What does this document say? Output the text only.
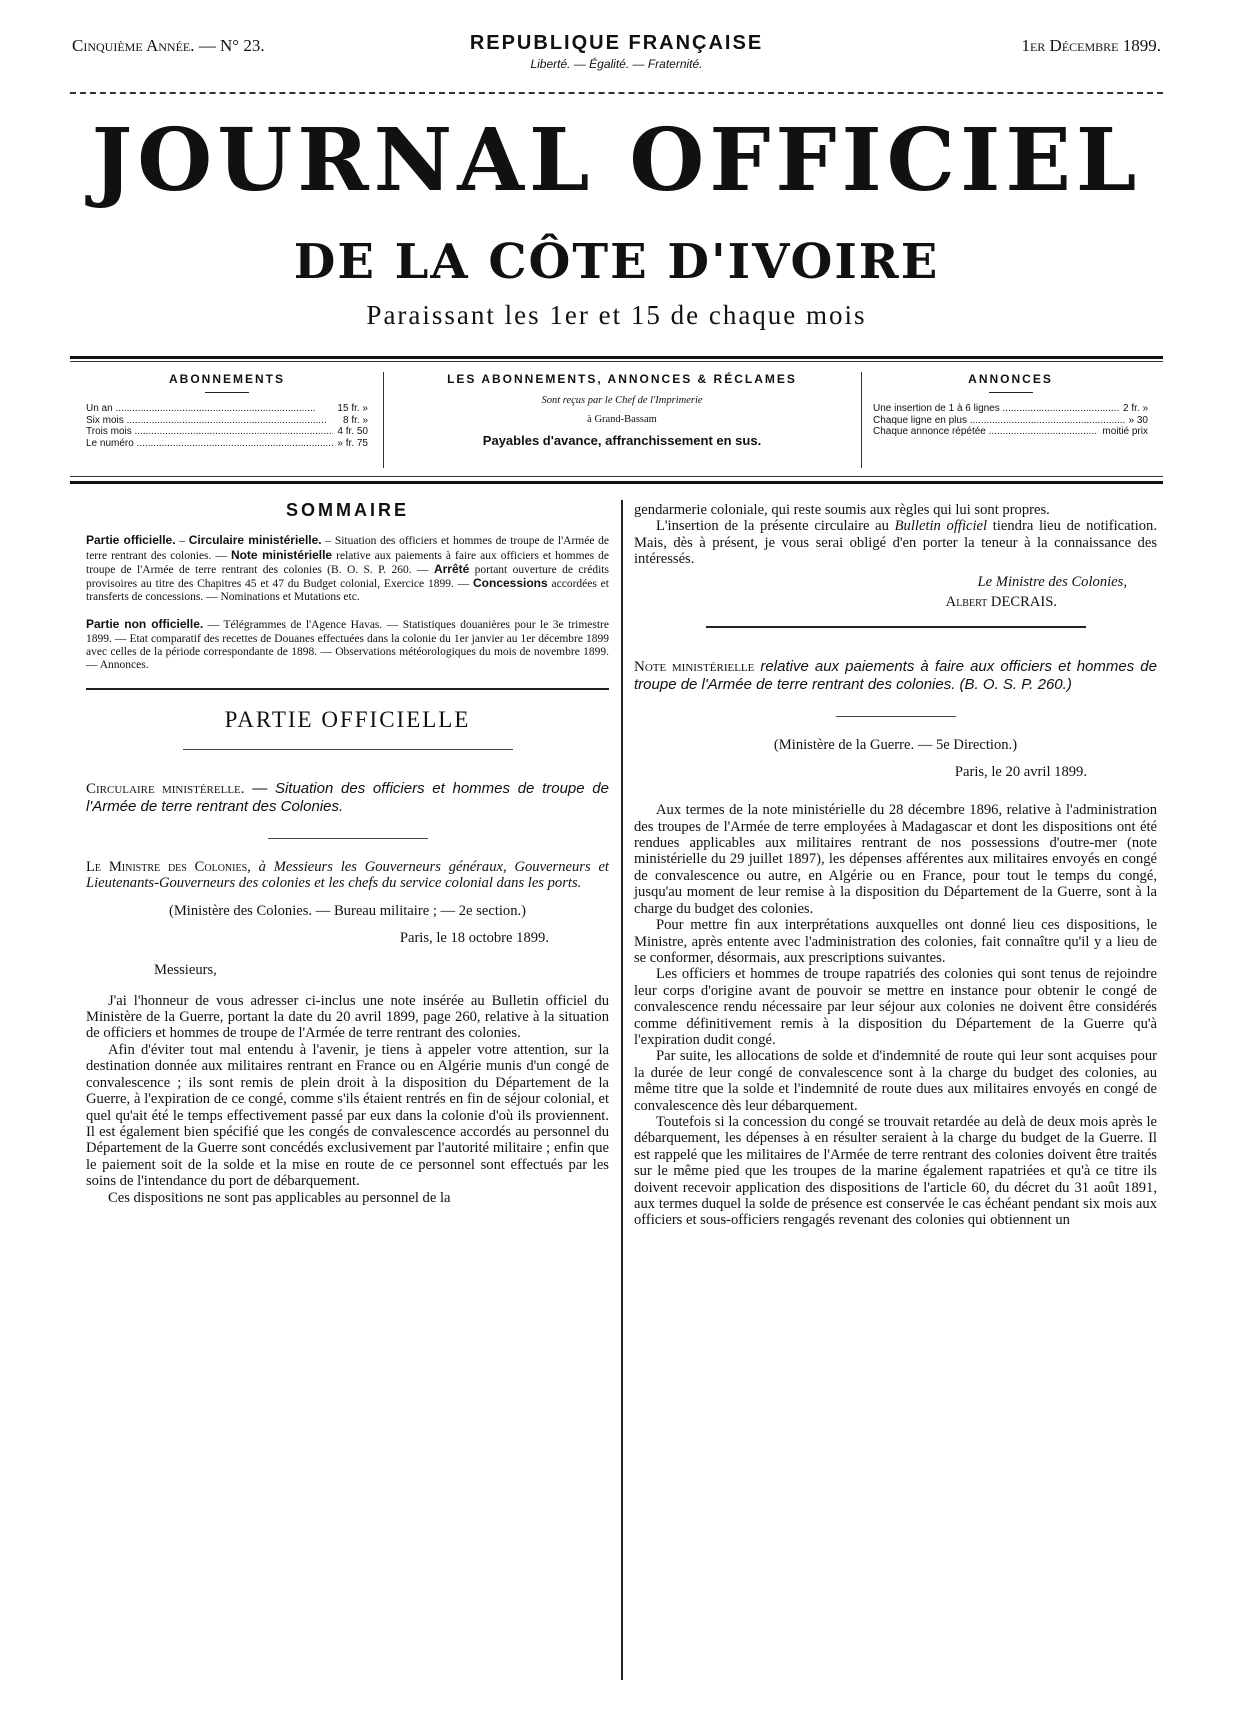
Cinquième Année. — N° 23.	REPUBLIQUE FRANÇAISE
Liberté. — Égalité. — Fraternité.
1er Décembre 1899.
JOURNAL OFFICIEL
DE LA CÔTE D'IVOIRE
Paraissant les 1er et 15 de chaque mois
ABONNEMENTS
Un an .....	15 fr. »
Six mois .....	8 fr. »
Trois mois .....	4 fr. 50
Le numéro .....	» fr. 75
LES ABONNEMENTS, ANNONCES & RÉCLAMES
Sont reçus par le Chef de l'Imprimerie
à Grand-Bassam
Payables d'avance, affranchissement en sus.
ANNONCES
Une insertion de 1 à 6 lignes .....	2 fr. »
Chaque ligne en plus .....	» 30
Chaque annonce répétée .....	moitié prix
SOMMAIRE
Partie officielle. – Circulaire ministérielle. – Situation des officiers et hommes de troupe de l'Armée de terre rentrant des colonies. — Note ministérielle relative aux paiements à faire aux officiers et hommes de troupe de l'Armée de terre rentrant des colonies (B. O. S. P. 260. — Arrêté portant ouverture de crédits provisoires au titre des Chapitres 45 et 47 du Budget colonial, Exercice 1899. — Concessions accordées et transferts de concessions. — Nominations et Mutations etc.
Partie non officielle. — Télégrammes de l'Agence Havas. — Statistiques douanières pour le 3e trimestre 1899. — Etat comparatif des recettes de Douanes effectuées dans la colonie du 1er janvier au 1er décembre 1899 avec celles de la période correspondante de 1898. — Observations météorologiques du mois de novembre 1899. — Annonces.
PARTIE OFFICIELLE
Circulaire ministérelle. — Situation des officiers et hommes de troupe de l'Armée de terre rentrant des Colonies.

Le Ministre des Colonies, à Messieurs les Gouverneurs généraux, Gouverneurs et Lieutenants-Gouverneurs des colonies et les chefs du service colonial dans les ports.

(Ministère des Colonies. — Bureau militaire ; — 2e section.)

Paris, le 18 octobre 1899.

Messieurs,

J'ai l'honneur de vous adresser ci-inclus une note insérée au Bulletin officiel du Ministère de la Guerre, portant la date du 20 avril 1899, page 260, relative à la situation de officiers et hommes de troupe de l'Armée de terre rentrant des colonies.

Afin d'éviter tout mal entendu à l'avenir, je tiens à appeler votre attention, sur la destination donnée aux militaires rentrant en France ou en Algérie munis d'un congé de convalescence ; ils sont remis de plein droit à la disposition du Département de la Guerre, à l'expiration de ce congé, comme s'ils étaient rentrés en fin de séjour colonial, et quel qu'ait été le temps effectivement passé par eux dans la colonie d'où ils proviennent. Il est également bien spécifié que les congés de convalescence accordés au personnel du Département de la Guerre sont concédés exclusivement par l'autorité militaire ; enfin que le paiement soit de la solde et la mise en route de ce personnel sont effectués par les soins de l'intendance du port de débarquement.

Ces dispositions ne sont pas applicables au personnel de la

gendarmerie coloniale, qui reste soumis aux règles qui lui sont propres.

L'insertion de la présente circulaire au Bulletin officiel tiendra lieu de notification. Mais, dès à présent, je vous serai obligé d'en porter la teneur à la connaissance des intéressés.

Le Ministre des Colonies,

Albert DECRAIS.

Note ministérielle relative aux paiements à faire aux officiers et hommes de troupe de l'Armée de terre rentrant des colonies. (B. O. S. P. 260.)

(Ministère de la Guerre. — 5e Direction.)

Paris, le 20 avril 1899.

Aux termes de la note ministérielle du 28 décembre 1896, relative à l'administration des troupes de l'Armée de terre employées à Madagascar et dont les dispositions ont été rendues applicables aux militaires rentrant de nos possessions d'outre-mer (note ministérielle du 29 juillet 1897), les dépenses afférentes aux militaires envoyés en congé de convalescence ou autre, en Algérie ou en France, pour tout le temps du congé, jusqu'au moment de leur remise à la disposition du Département de la Guerre, sont à la charge du budget des colonies.

Pour mettre fin aux interprétations auxquelles ont donné lieu ces dispositions, le Ministre, après entente avec l'administration des colonies, fait connaître qu'il y a lieu de se conformer, désormais, aux prescriptions suivantes.

Les officiers et hommes de troupe rapatriés des colonies qui sont tenus de rejoindre leur corps d'origine avant de pouvoir se mettre en instance pour obtenir le congé de convalescence rendu nécessaire par leur séjour aux colonies ne doivent être considérés comme définitivement remis à la disposition du Département de la Guerre qu'à l'expiration dudit congé.

Par suite, les allocations de solde et d'indemnité de route qui leur sont acquises pour la durée de leur congé de convalescence sont à la charge du budget des colonies, au même titre que la solde et l'indemnité de route dues aux militaires envoyés en congé de convalescence dès leur débarquement.

Toutefois si la concession du congé se trouvait retardée au delà de deux mois après le débarquement, les dépenses à en résulter seraient à la charge du budget de la Guerre. Il est rappelé que les militaires de l'Armée de terre rentrant des colonies doivent être traités sur le même pied que les troupes de la marine également rapatriées et qu'à ce titre ils doivent recevoir application des dispositions de l'article 60, du décret du 31 août 1891, aux termes duquel la solde de présence est conservée le cas échéant pendant six mois aux officiers et sous-officiers rengagés revenant des colonies qui obtiennent un
